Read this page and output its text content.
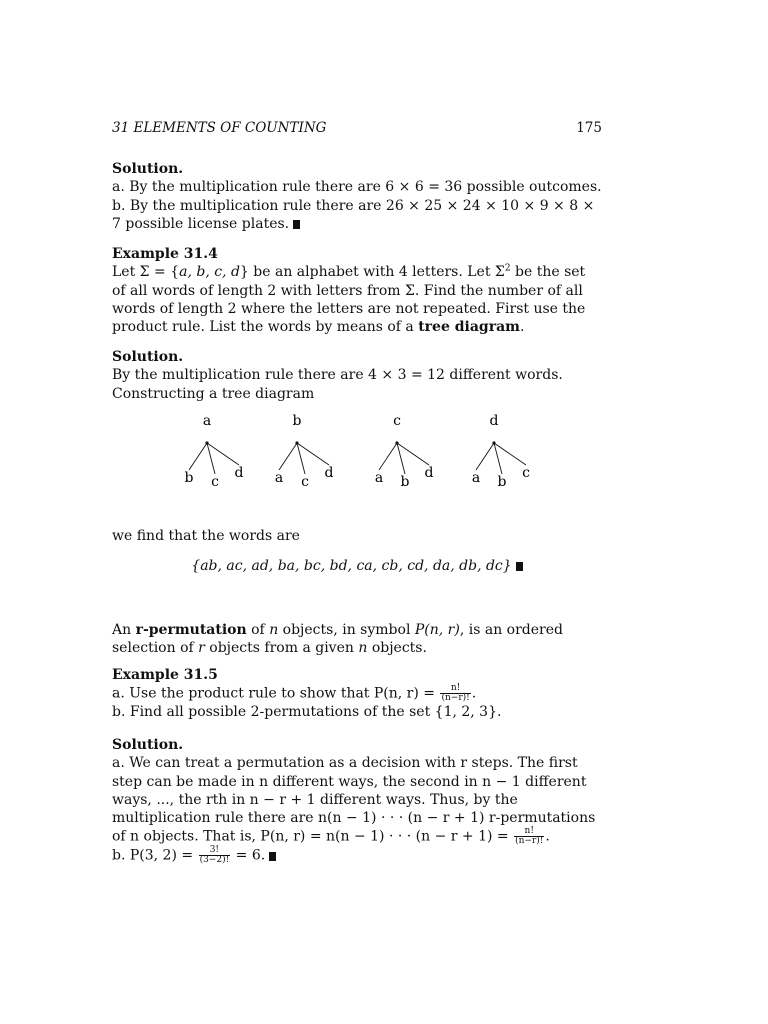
31 ELEMENTS OF COUNTING	175
Solution.
a. By the multiplication rule there are 6 × 6 = 36 possible outcomes.
b. By the multiplication rule there are 26 × 25 × 24 × 10 × 9 × 8 × 7 possible license plates.
Example 31.4
Let Σ = {a, b, c, d} be an alphabet with 4 letters. Let $\Sigma^2$ be the set of all words of length 2 with letters from Σ. Find the number of all words of length 2 where the letters are not repeated. First use the product rule. List the words by means of a tree diagram.
Solution.
By the multiplication rule there are 4 × 3 = 12 different words. Constructing a tree diagram
a
b c
d
b
a c
d
c
a b
d
d
a b
c
we find that the words are
{ab, ac, ad, ba, bc, bd, ca, cb, cd, da, db, dc}
An r-permutation of n objects, in symbol P(n, r), is an ordered selection of r objects from a given n objects.
Example 31.5
a. Use the product rule to show that P(n, $r) = \frac{n!}{(n-r)!}$ .
b. Find all possible 2-permutations of the set {1, 2, 3}.
Solution.
a. We can treat a permutation as a decision with r steps. The first step can be made in n different ways, the second in n − 1 different ways, ..., the rth in n − r + 1 different ways. Thus, by the multiplication rule there are n(n − 1) · · · (n − r + 1) r-permutations of n objects. That is, P(n, r) = n(n − 1) · · · $(n - r + 1) = \frac{n!}{(n-r)!}$ .
b. P(3, $2) = \frac{3!}{(3-2)!} = 6$.
